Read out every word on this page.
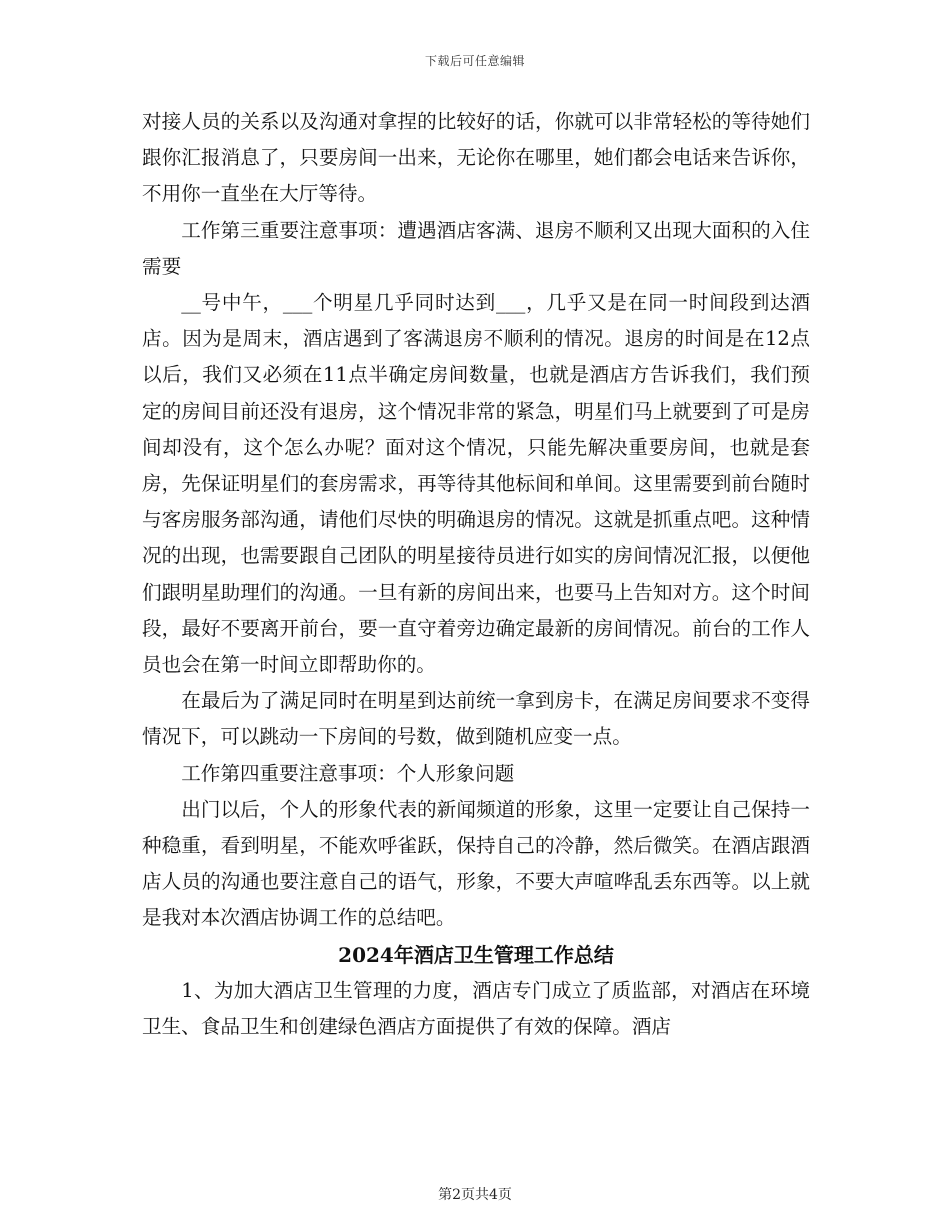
下载后可任意编辑

对接人员的关系以及沟通对拿捏的比较好的话，你就可以非常轻松的等待她们跟你汇报消息了，只要房间一出来，无论你在哪里，她们都会电话来告诉你，不用你一直坐在大厅等待。

工作第三重要注意事项：遭遇酒店客满、退房不顺利又出现大面积的入住需要

__号中午，___个明星几乎同时达到___，几乎又是在同一时间段到达酒店。因为是周末，酒店遇到了客满退房不顺利的情况。退房的时间是在12点以后，我们又必须在11点半确定房间数量，也就是酒店方告诉我们，我们预定的房间目前还没有退房，这个情况非常的紧急，明星们马上就要到了可是房间却没有，这个怎么办呢？面对这个情况，只能先解决重要房间，也就是套房，先保证明星们的套房需求，再等待其他标间和单间。这里需要到前台随时与客房服务部沟通，请他们尽快的明确退房的情况。这就是抓重点吧。这种情况的出现，也需要跟自己团队的明星接待员进行如实的房间情况汇报，以便他们跟明星助理们的沟通。一旦有新的房间出来，也要马上告知对方。这个时间段，最好不要离开前台，要一直守着旁边确定最新的房间情况。前台的工作人员也会在第一时间立即帮助你的。

在最后为了满足同时在明星到达前统一拿到房卡，在满足房间要求不变得情况下，可以跳动一下房间的号数，做到随机应变一点。

工作第四重要注意事项：个人形象问题

出门以后，个人的形象代表的新闻频道的形象，这里一定要让自己保持一种稳重，看到明星，不能欢呼雀跃，保持自己的冷静，然后微笑。在酒店跟酒店人员的沟通也要注意自己的语气，形象，不要大声喧哗乱丢东西等。以上就是我对本次酒店协调工作的总结吧。

2024年酒店卫生管理工作总结

1、为加大酒店卫生管理的力度，酒店专门成立了质监部，对酒店在环境卫生、食品卫生和创建绿色酒店方面提供了有效的保障。酒店

第2页共4页
